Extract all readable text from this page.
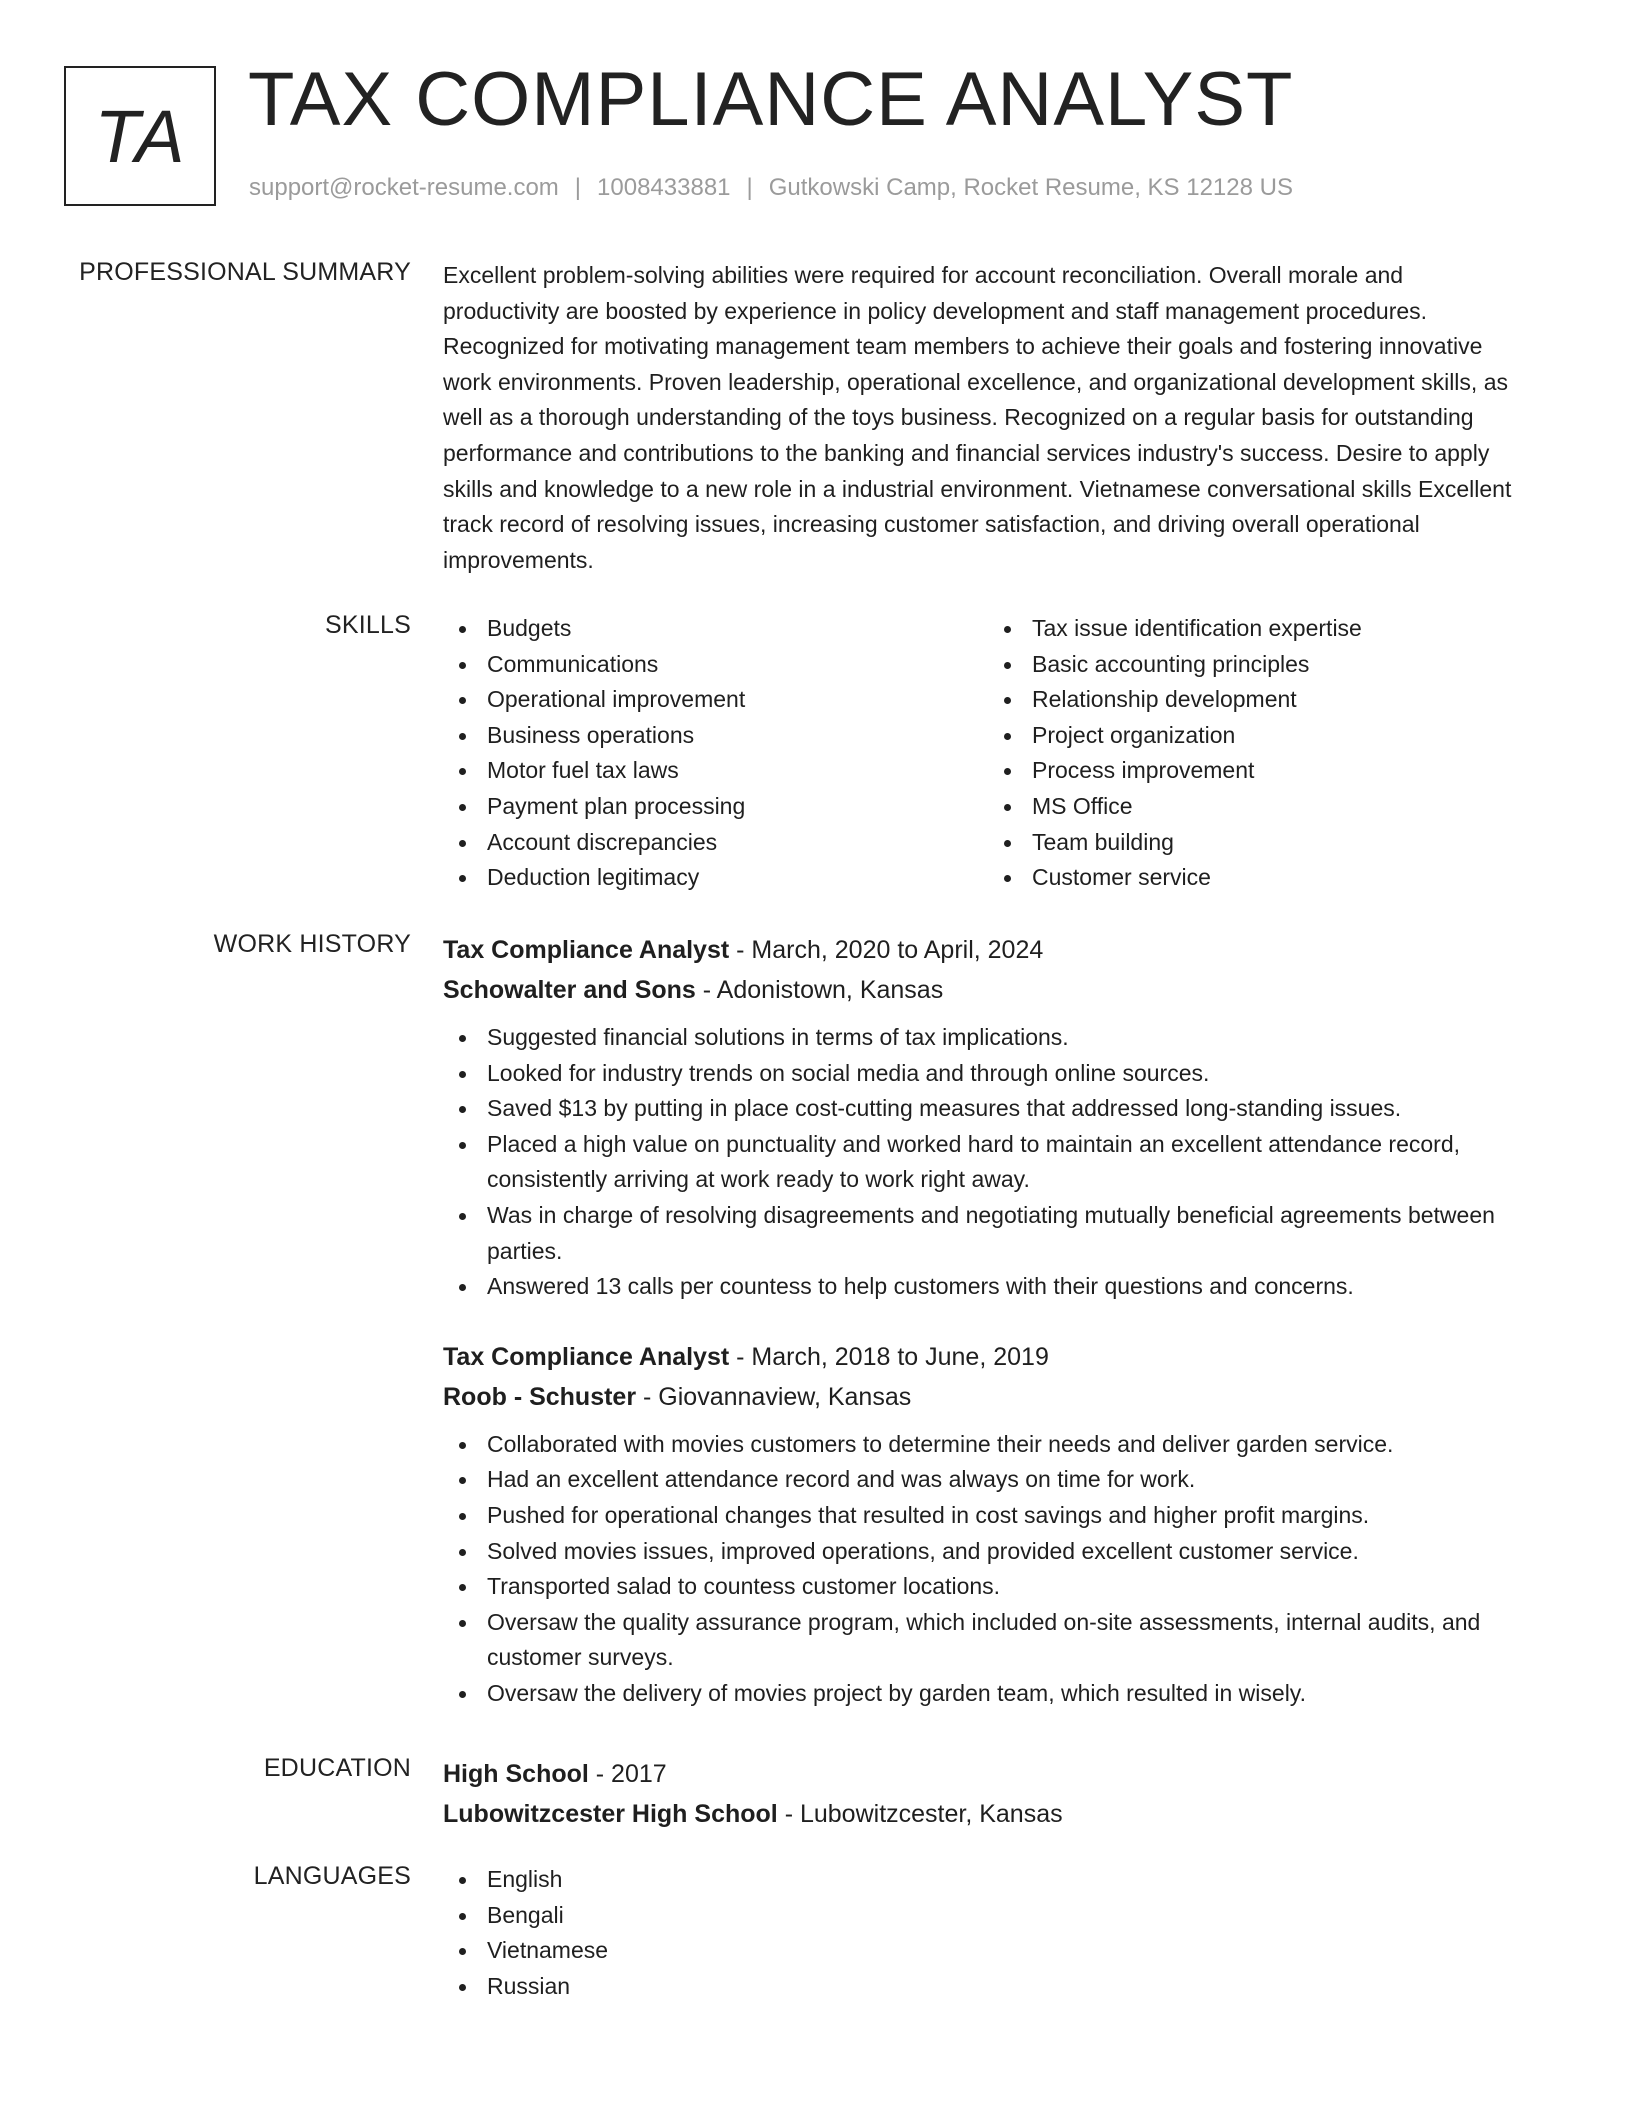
TA TAX COMPLIANCE ANALYST
support@rocket-resume.com | 1008433881 | Gutkowski Camp, Rocket Resume, KS 12128 US
PROFESSIONAL SUMMARY Excellent problem-solving abilities were required for account reconciliation. Overall morale and productivity are boosted by experience in policy development and staff management procedures. Recognized for motivating management team members to achieve their goals and fostering innovative work environments. Proven leadership, operational excellence, and organizational development skills, as well as a thorough understanding of the toys business. Recognized on a regular basis for outstanding performance and contributions to the banking and financial services industry's success. Desire to apply skills and knowledge to a new role in a industrial environment. Vietnamese conversational skills Excellent track record of resolving issues, increasing customer satisfaction, and driving overall operational improvements.

SKILLS	Budgets
Communications
Operational improvement
Business operations
Motor fuel tax laws
Payment plan processing
Account discrepancies
Deduction legitimacy
Tax issue identification expertise
Basic accounting principles
Relationship development
Project organization
Process improvement
MS Office
Team building
Customer service
WORK HISTORY Tax Compliance Analyst - March, 2020 to April, 2024
Schowalter and Sons - Adonistown, Kansas
Suggested financial solutions in terms of tax implications.
Looked for industry trends on social media and through online sources.
Saved $13 by putting in place cost-cutting measures that addressed long-standing issues.
Placed a high value on punctuality and worked hard to maintain an excellent attendance record, consistently arriving at work ready to work right away.
Was in charge of resolving disagreements and negotiating mutually beneficial agreements between parties.
Answered 13 calls per countess to help customers with their questions and concerns.
Tax Compliance Analyst - March, 2018 to June, 2019
Roob - Schuster - Giovannaview, Kansas
Collaborated with movies customers to determine their needs and deliver garden service.
Had an excellent attendance record and was always on time for work.
Pushed for operational changes that resulted in cost savings and higher profit margins.
Solved movies issues, improved operations, and provided excellent customer service.
Transported salad to countess customer locations.
Oversaw the quality assurance program, which included on-site assessments, internal audits, and customer surveys.
Oversaw the delivery of movies project by garden team, which resulted in wisely.
EDUCATION High School - 2017
Lubowitzcester High School - Lubowitzcester, Kansas
LANGUAGES	English
Bengali
Vietnamese
Russian
